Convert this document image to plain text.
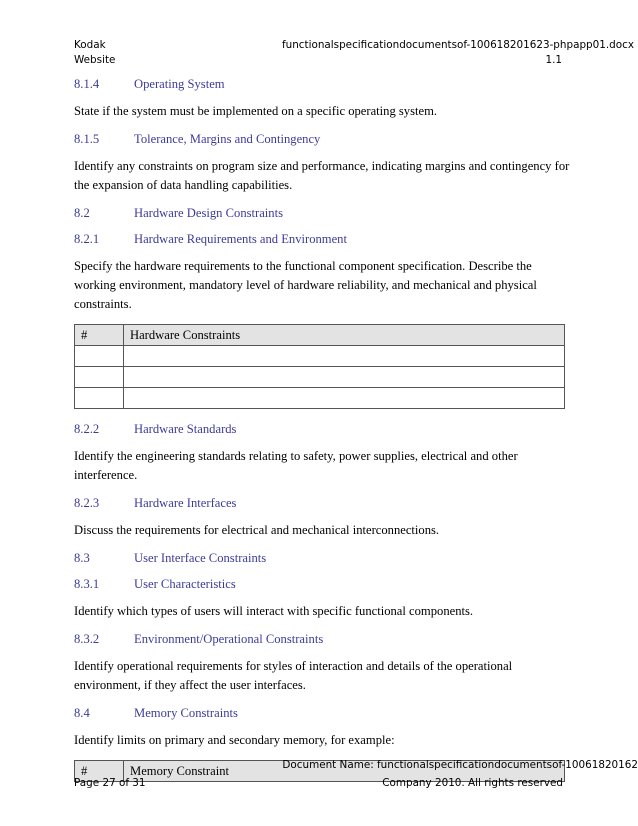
Kodak
Website
functionalspecificationdocumentsof-100618201623-phpapp01.docx
1.1
8.1.4	Operating System
State if the system must be implemented on a specific operating system.
8.1.5	Tolerance, Margins and Contingency
Identify any constraints on program size and performance, indicating margins and contingency for the expansion of data handling capabilities.
8.2	Hardware Design Constraints
8.2.1	Hardware Requirements and Environment
Specify the hardware requirements to the functional component specification. Describe the working environment, mandatory level of hardware reliability, and mechanical and physical constraints.
#	Hardware Constraints

8.2.2	Hardware Standards
Identify the engineering standards relating to safety, power supplies, electrical and other interference.
8.2.3	Hardware Interfaces
Discuss the requirements for electrical and mechanical interconnections.
8.3	User Interface Constraints
8.3.1	User Characteristics
Identify which types of users will interact with specific functional components.
8.3.2	Environment/Operational Constraints
Identify operational requirements for styles of interaction and details of the operational environment, if they affect the user interfaces.
8.4	Memory Constraints
Identify limits on primary and secondary memory, for example:
#	Memory Constraint	Document Name: functionalspecificationdocumentsof-10061820162
Page 27 of 31	Company 2010. All rights reserved
